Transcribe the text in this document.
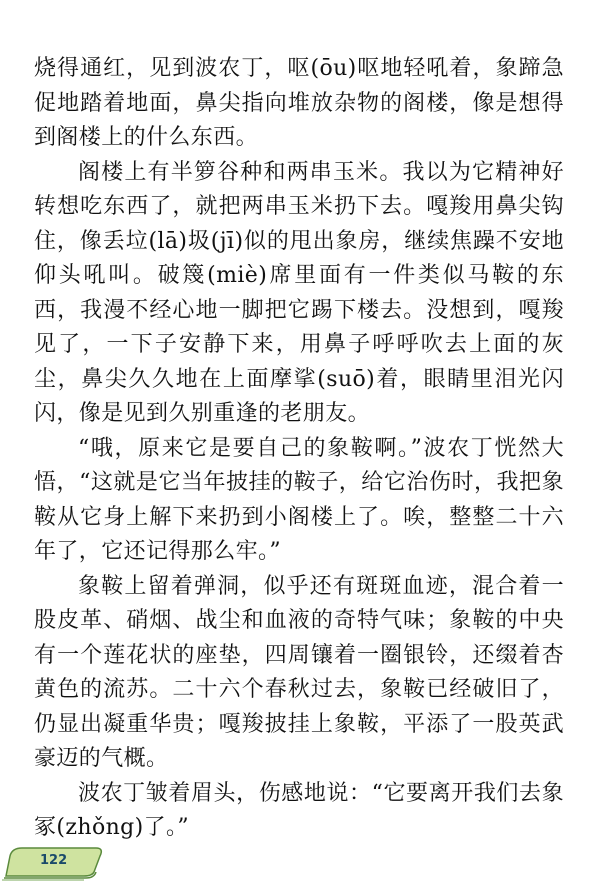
烧得通红，见到波农丁，呕(ōu)呕地轻吼着，象蹄急促地踏着地面，鼻尖指向堆放杂物的阁楼，像是想得到阁楼上的什么东西。

阁楼上有半箩谷种和两串玉米。我以为它精神好转想吃东西了，就把两串玉米扔下去。嘎羧用鼻尖钩住，像丢垃(lā)圾(jī)似的甩出象房，继续焦躁不安地仰头吼叫。破篾(miè)席里面有一件类似马鞍的东西，我漫不经心地一脚把它踢下楼去。没想到，嘎羧见了，一下子安静下来，用鼻子呼呼吹去上面的灰尘，鼻尖久久地在上面摩挲(suō)着，眼睛里泪光闪闪，像是见到久别重逢的老朋友。

“哦，原来它是要自己的象鞍啊。”波农丁恍然大悟，“这就是它当年披挂的鞍子，给它治伤时，我把象鞍从它身上解下来扔到小阁楼上了。唉，整整二十六年了，它还记得那么牢。”

象鞍上留着弹洞，似乎还有斑斑血迹，混合着一股皮革、硝烟、战尘和血液的奇特气味；象鞍的中央有一个莲花状的座垫，四周镶着一圈银铃，还缀着杏黄色的流苏。二十六个春秋过去，象鞍已经破旧了，仍显出凝重华贵；嘎羧披挂上象鞍，平添了一股英武豪迈的气概。

波农丁皱着眉头，伤感地说：“它要离开我们去象冢(zhǒng)了。”

122
